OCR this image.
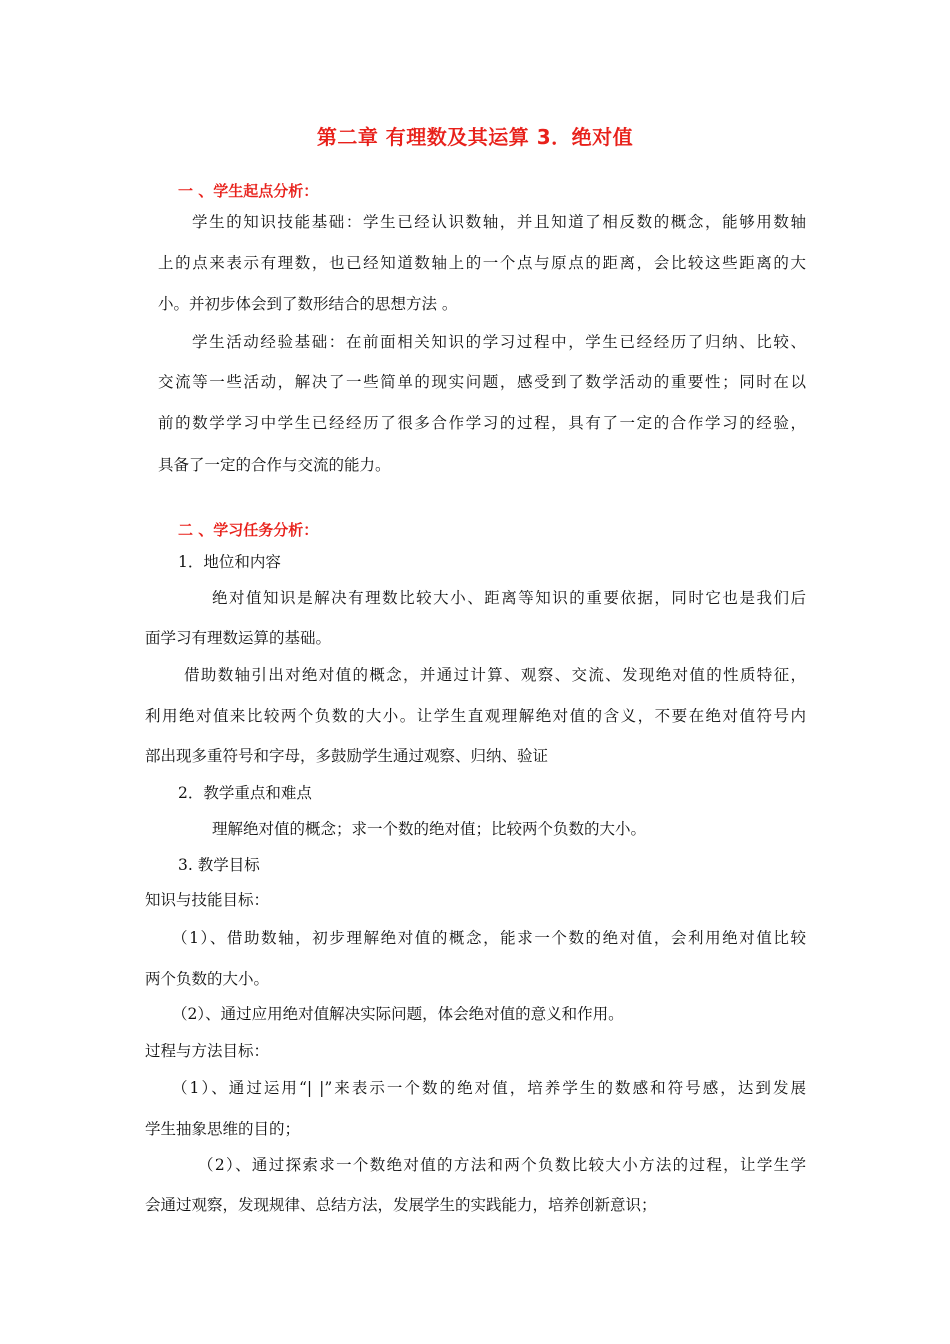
第二章 有理数及其运算 3．绝对值
一 、学生起点分析：
学生的知识技能基础：学生已经认识数轴，并且知道了相反数的概念，能够用数轴
上的点来表示有理数，也已经知道数轴上的一个点与原点的距离，会比较这些距离的大
小。并初步体会到了数形结合的思想方法 。
学生活动经验基础：在前面相关知识的学习过程中，学生已经经历了归纳、比较、
交流等一些活动，解决了一些简单的现实问题，感受到了数学活动的重要性；同时在以
前的数学学习中学生已经经历了很多合作学习的过程，具有了一定的合作学习的经验，
具备了一定的合作与交流的能力。
二 、学习任务分析：
1．地位和内容
绝对值知识是解决有理数比较大小、距离等知识的重要依据，同时它也是我们后
面学习有理数运算的基础。
借助数轴引出对绝对值的概念，并通过计算、观察、交流、发现绝对值的性质特征，
利用绝对值来比较两个负数的大小。让学生直观理解绝对值的含义，不要在绝对值符号内
部出现多重符号和字母，多鼓励学生通过观察、归纳、验证
2．教学重点和难点
理解绝对值的概念；求一个数的绝对值；比较两个负数的大小。
3. 教学目标
知识与技能目标：
（1）、借助数轴，初步理解绝对值的概念，能求一个数的绝对值，会利用绝对值比较
两个负数的大小。
（2）、通过应用绝对值解决实际问题，体会绝对值的意义和作用。
过程与方法目标：
（1）、通过运用“| |”来表示一个数的绝对值，培养学生的数感和符号感，达到发展
学生抽象思维的目的；
（2）、通过探索求一个数绝对值的方法和两个负数比较大小方法的过程，让学生学
会通过观察，发现规律、总结方法，发展学生的实践能力，培养创新意识；
